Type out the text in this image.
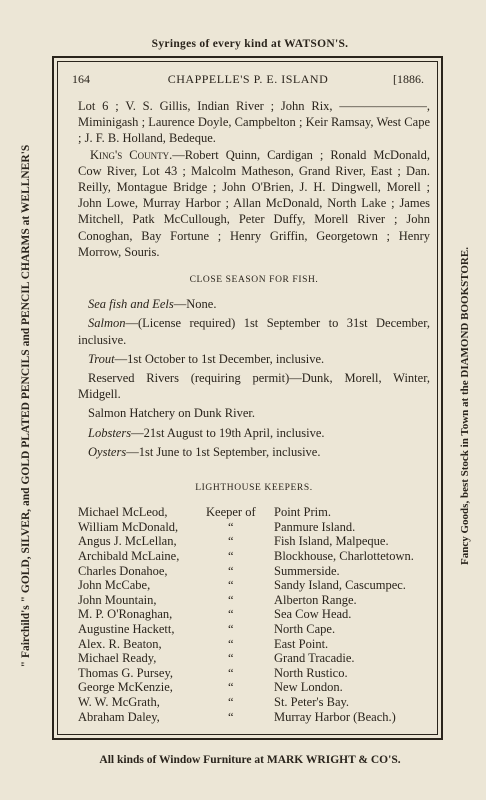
Syringes of every kind at WATSON'S.
" Fairchild's " GOLD, SILVER, and GOLD PLATED PENCILS and PENCIL CHARMS at WELLNER'S	Fancy Goods, best Stock in Town at the DIAMOND BOOKSTORE.
All kinds of Window Furniture at MARK WRIGHT & CO'S.
CHAPPELLE'S P. E. ISLAND
164	[1886.

Lot 6 ; V. S. Gillis, Indian River ; John Rix, ———————, Miminigash ; Laurence Doyle, Campbelton ; Keir Ramsay, West Cape ; J. F. B. Holland, Bedeque.

King's County.—Robert Quinn, Cardigan ; Ronald McDonald, Cow River, Lot 43 ; Malcolm Matheson, Grand River, East ; Dan. Reilly, Montague Bridge ; John O'Brien, J. H. Dingwell, Morell ; John Lowe, Murray Harbor ; Allan McDonald, North Lake ; James Mitchell, Patk McCullough, Peter Duffy, Morell River ; John Conoghan, Bay Fortune ; Henry Griffin, Georgetown ; Henry Morrow, Souris.

CLOSE SEASON FOR FISH.

Sea fish and Eels—None.

Salmon—(License required) 1st September to 31st December, inclusive.

Trout—1st October to 1st December, inclusive.

Reserved Rivers (requiring permit)—Dunk, Morell, Winter, Midgell.

Salmon Hatchery on Dunk River.

Lobsters—21st August to 19th April, inclusive.

Oysters—1st June to 1st September, inclusive.

LIGHTHOUSE KEEPERS.
Michael McLeod,	Keeper of Point Prim.
William McDonald,	“	Panmure Island.
Angus J. McLellan,	“	Fish Island, Malpeque.
Archibald McLaine,	“	Blockhouse, Charlottetown.
Charles Donahoe,	“	Summerside.
John McCabe,	“	Sandy Island, Cascumpec.
John Mountain,	“	Alberton Range.
M. P. O'Ronaghan,	“	Sea Cow Head.
Augustine Hackett,	“	North Cape.
Alex. R. Beaton,	“	East Point.
Michael Ready,	“	Grand Tracadie.
Thomas G. Pursey,	“	North Rustico.
George McKenzie,	“	New London.
W. W. McGrath,	“	St. Peter's Bay.
Abraham Daley,	“	Murray Harbor (Beach.)
